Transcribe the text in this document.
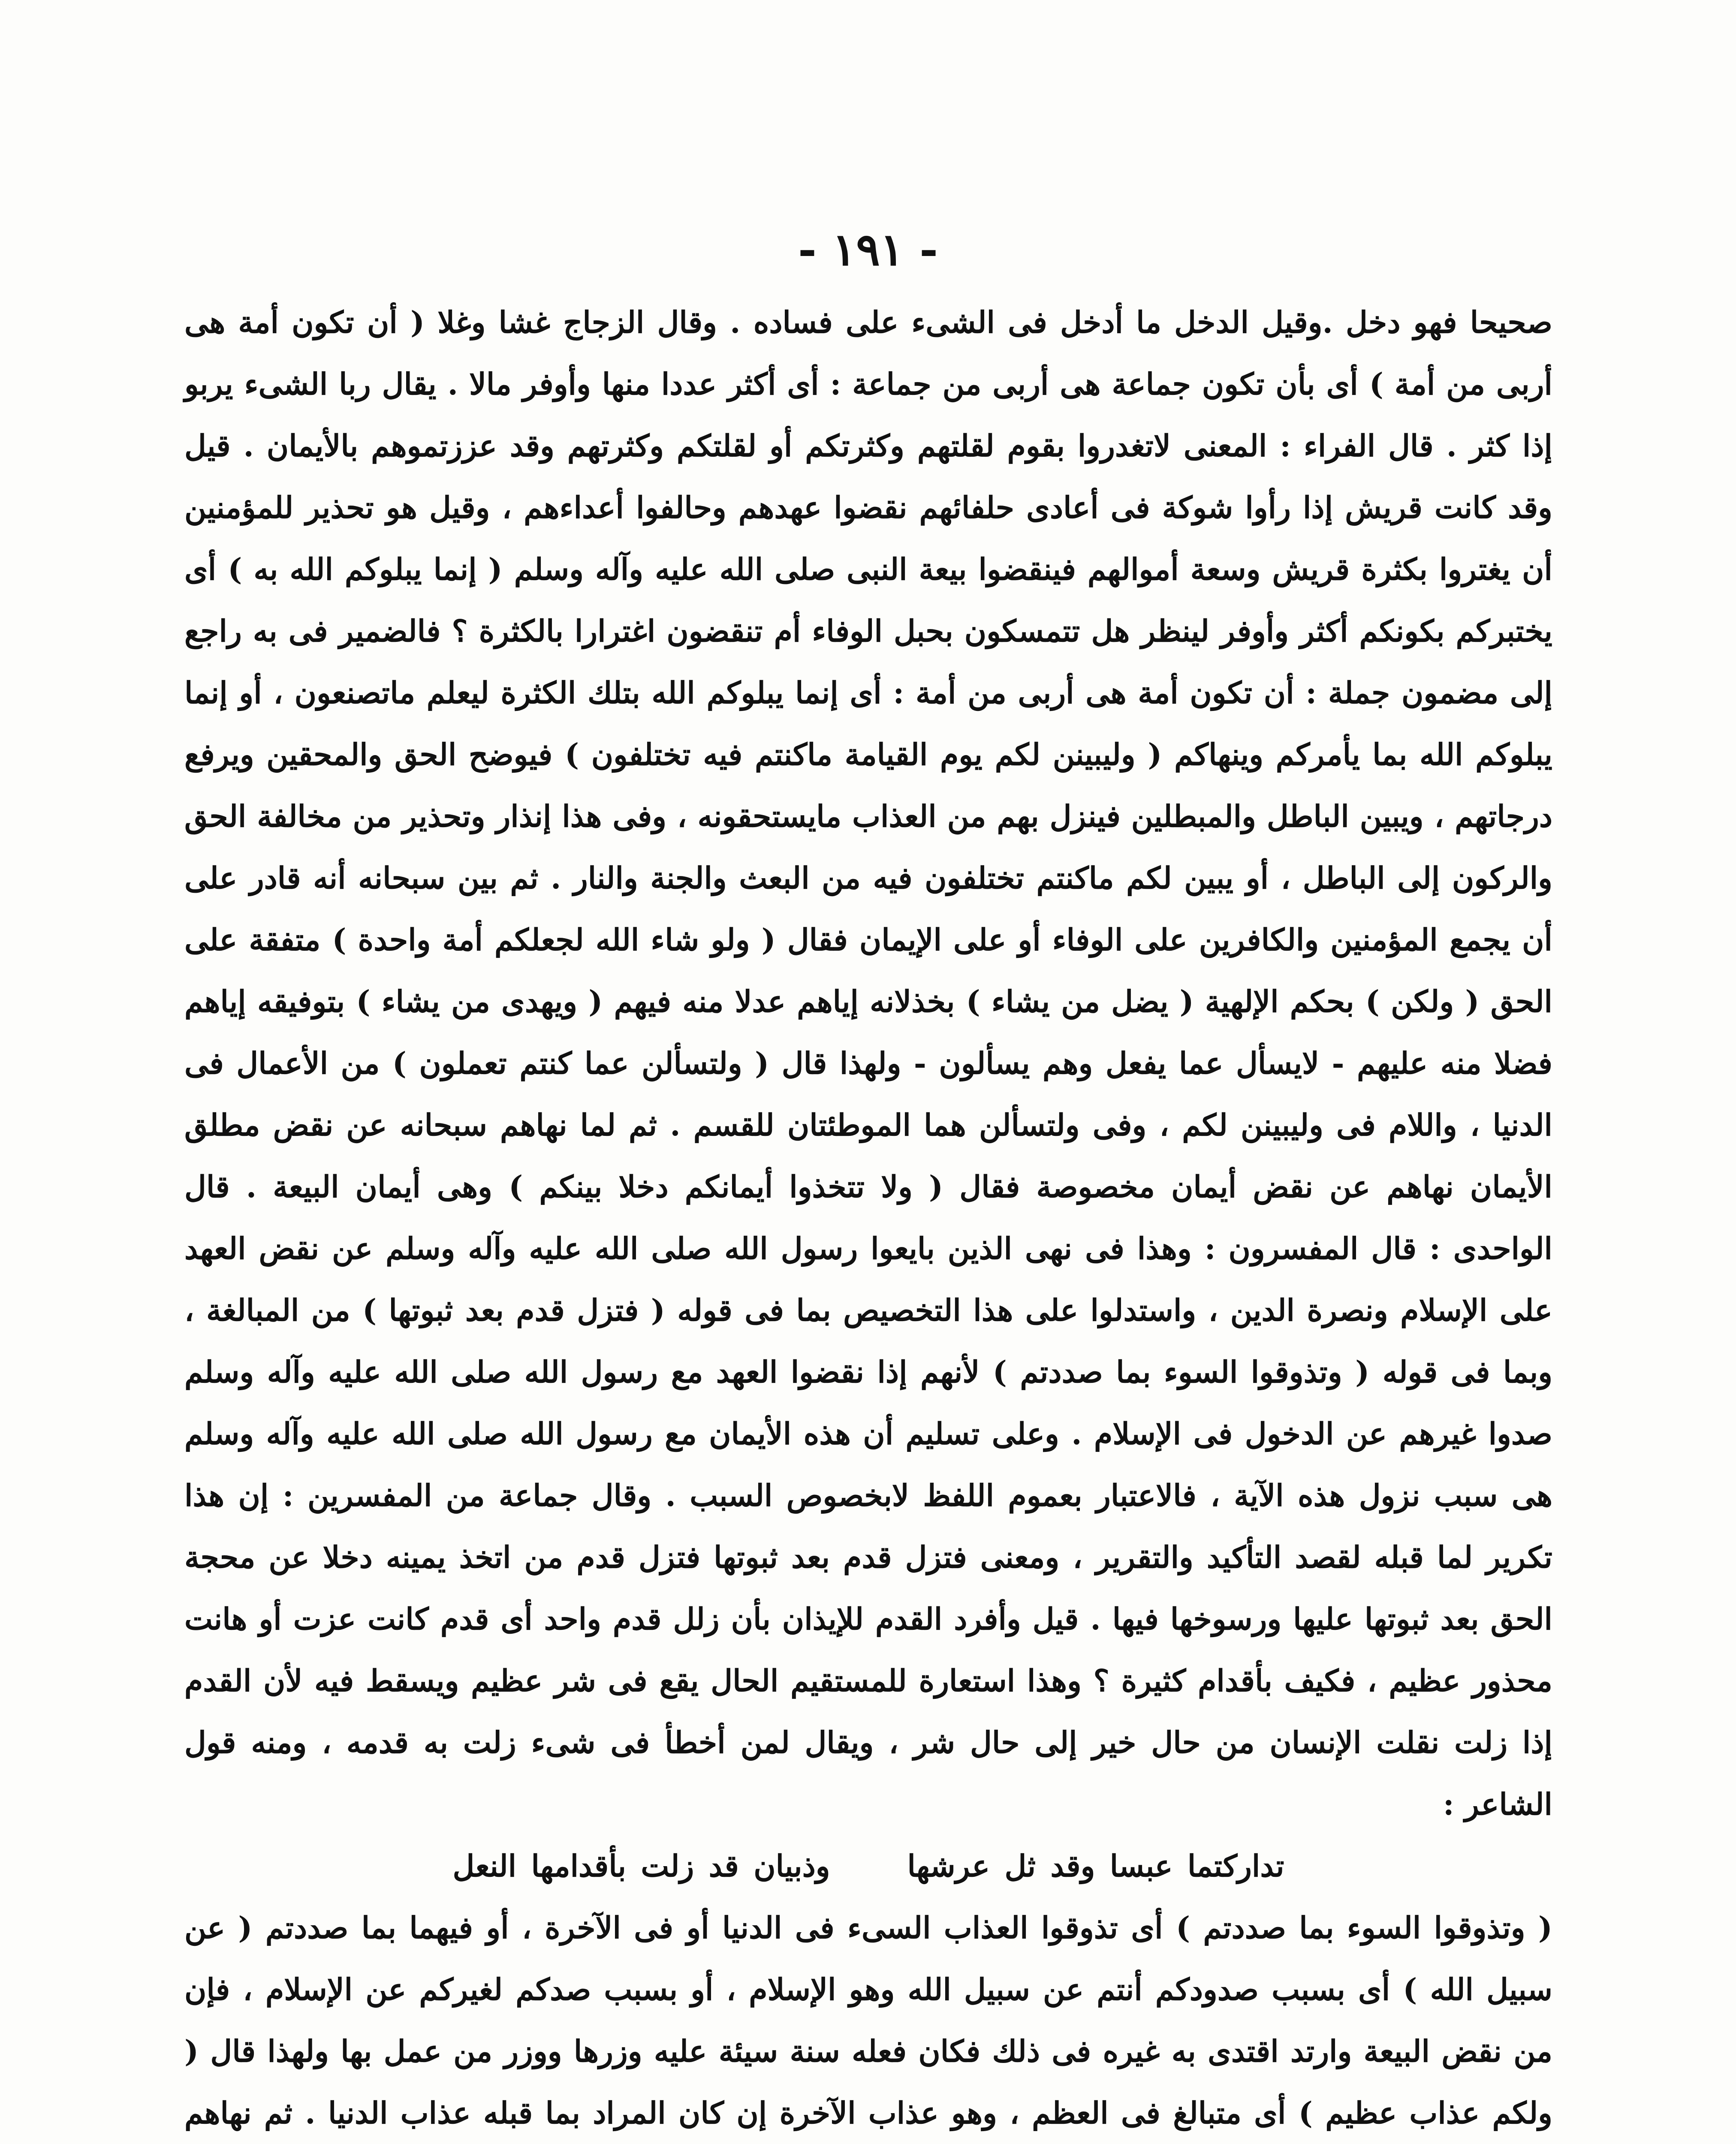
- ١٩١ -

صحيحا فهو دخل .وقيل الدخل ما أدخل فى الشىء على فساده . وقال الزجاج غشا وغلا ( أن تكون أمة هى أربى من أمة ) أى بأن تكون جماعة هى أربى من جماعة : أى أكثر عددا منها وأوفر مالا . يقال ربا الشىء يربو إذا كثر . قال الفراء : المعنى لاتغدروا بقوم لقلتهم وكثرتكم أو لقلتكم وكثرتهم وقد عززتموهم بالأيمان . قيل وقد كانت قريش إذا رأوا شوكة فى أعادى حلفائهم نقضوا عهدهم وحالفوا أعداءهم ، وقيل هو تحذير للمؤمنين أن يغتروا بكثرة قريش وسعة أموالهم فينقضوا بيعة النبى صلى الله عليه وآله وسلم ( إنما يبلوكم الله به ) أى يختبركم بكونكم أكثر وأوفر لينظر هل تتمسكون بحبل الوفاء أم تنقضون اغترارا بالكثرة ؟ فالضمير فى به راجع إلى مضمون جملة : أن تكون أمة هى أربى من أمة : أى إنما يبلوكم الله بتلك الكثرة ليعلم ماتصنعون ، أو إنما يبلوكم الله بما يأمركم وينهاكم ( وليبينن لكم يوم القيامة ماكنتم فيه تختلفون ) فيوضح الحق والمحقين ويرفع درجاتهم ، ويبين الباطل والمبطلين فينزل بهم من العذاب مايستحقونه ، وفى هذا إنذار وتحذير من مخالفة الحق والركون إلى الباطل ، أو يبين لكم ماكنتم تختلفون فيه من البعث والجنة والنار . ثم بين سبحانه أنه قادر على أن يجمع المؤمنين والكافرين على الوفاء أو على الإيمان فقال ( ولو شاء الله لجعلكم أمة واحدة ) متفقة على الحق ( ولكن ) بحكم الإلهية ( يضل من يشاء ) بخذلانه إياهم عدلا منه فيهم ( ويهدى من يشاء ) بتوفيقه إياهم فضلا منه عليهم - لايسأل عما يفعل وهم يسألون - ولهذا قال ( ولتسألن عما كنتم تعملون ) من الأعمال فى الدنيا ، واللام فى وليبينن لكم ، وفى ولتسألن هما الموطئتان للقسم . ثم لما نهاهم سبحانه عن نقض مطلق الأيمان نهاهم عن نقض أيمان مخصوصة فقال ( ولا تتخذوا أيمانكم دخلا بينكم ) وهى أيمان البيعة . قال الواحدى : قال المفسرون : وهذا فى نهى الذين بايعوا رسول الله صلى الله عليه وآله وسلم عن نقض العهد على الإسلام ونصرة الدين ، واستدلوا على هذا التخصيص بما فى قوله ( فتزل قدم بعد ثبوتها ) من المبالغة ، وبما فى قوله ( وتذوقوا السوء بما صددتم ) لأنهم إذا نقضوا العهد مع رسول الله صلى الله عليه وآله وسلم صدوا غيرهم عن الدخول فى الإسلام . وعلى تسليم أن هذه الأيمان مع رسول الله صلى الله عليه وآله وسلم هى سبب نزول هذه الآية ، فالاعتبار بعموم اللفظ لابخصوص السبب . وقال جماعة من المفسرين : إن هذا تكرير لما قبله لقصد التأكيد والتقرير ، ومعنى فتزل قدم بعد ثبوتها فتزل قدم من اتخذ يمينه دخلا عن محجة الحق بعد ثبوتها عليها ورسوخها فيها . قيل وأفرد القدم للإيذان بأن زلل قدم واحد أى قدم كانت عزت أو هانت محذور عظيم ، فكيف بأقدام كثيرة ؟ وهذا استعارة للمستقيم الحال يقع فى شر عظيم ويسقط فيه لأن القدم إذا زلت نقلت الإنسان من حال خير إلى حال شر ، ويقال لمن أخطأ فى شىء زلت به قدمه ، ومنه قول الشاعر :

تداركتما عبسا وقد ثل عرشهاوذبيان قد زلت بأقدامها النعل

( وتذوقوا السوء بما صددتم ) أى تذوقوا العذاب السىء فى الدنيا أو فى الآخرة ، أو فيهما بما صددتم ( عن سبيل الله ) أى بسبب صدودكم أنتم عن سبيل الله وهو الإسلام ، أو بسبب صدكم لغيركم عن الإسلام ، فإن من نقض البيعة وارتد اقتدى به غيره فى ذلك فكان فعله سنة سيئة عليه وزرها ووزر من عمل بها ولهذا قال ( ولكم عذاب عظيم ) أى متبالغ فى العظم ، وهو عذاب الآخرة إن كان المراد بما قبله عذاب الدنيا . ثم نهاهم
